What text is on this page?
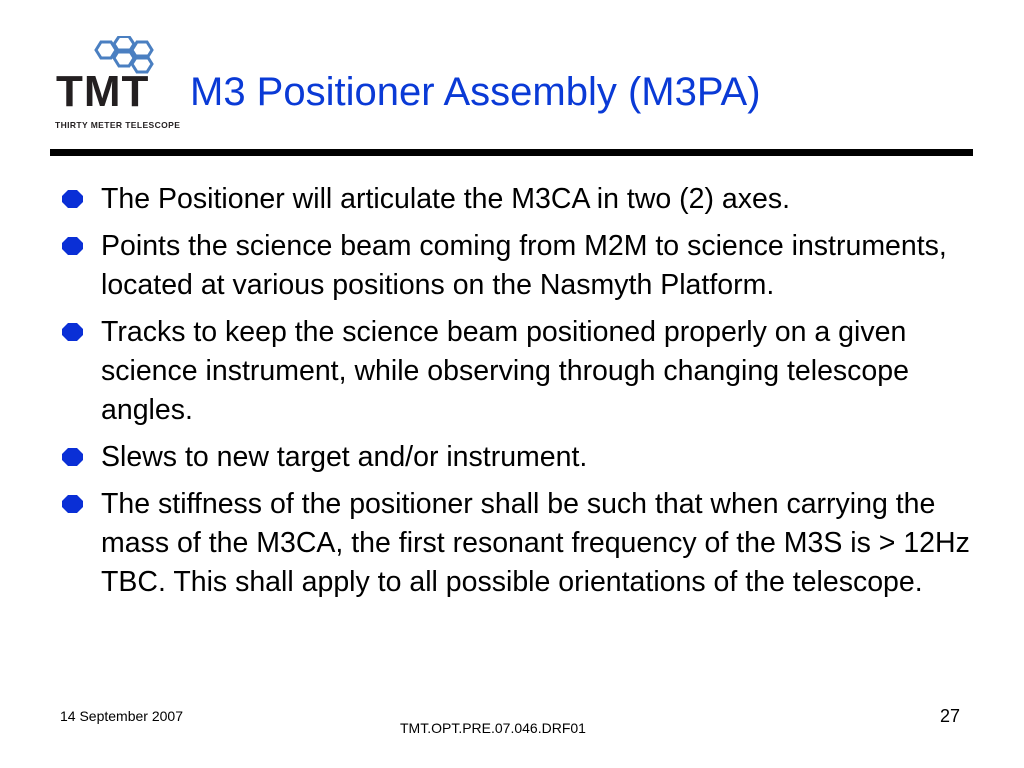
TMT
THIRTY METER TELESCOPE
M3 Positioner Assembly (M3PA)
The Positioner will articulate the M3CA in two (2) axes.
Points the science beam coming from M2M to science instruments, located at various positions on the Nasmyth Platform.
Tracks to keep the science beam positioned properly on a given science instrument, while observing through changing telescope angles.
Slews to new target and/or instrument.
The stiffness of the positioner shall be such that when carrying the mass of the M3CA, the first resonant frequency of the M3S is > 12Hz TBC. This shall apply to all possible orientations of the telescope.
14 September 2007
TMT.OPT.PRE.07.046.DRF01
27
